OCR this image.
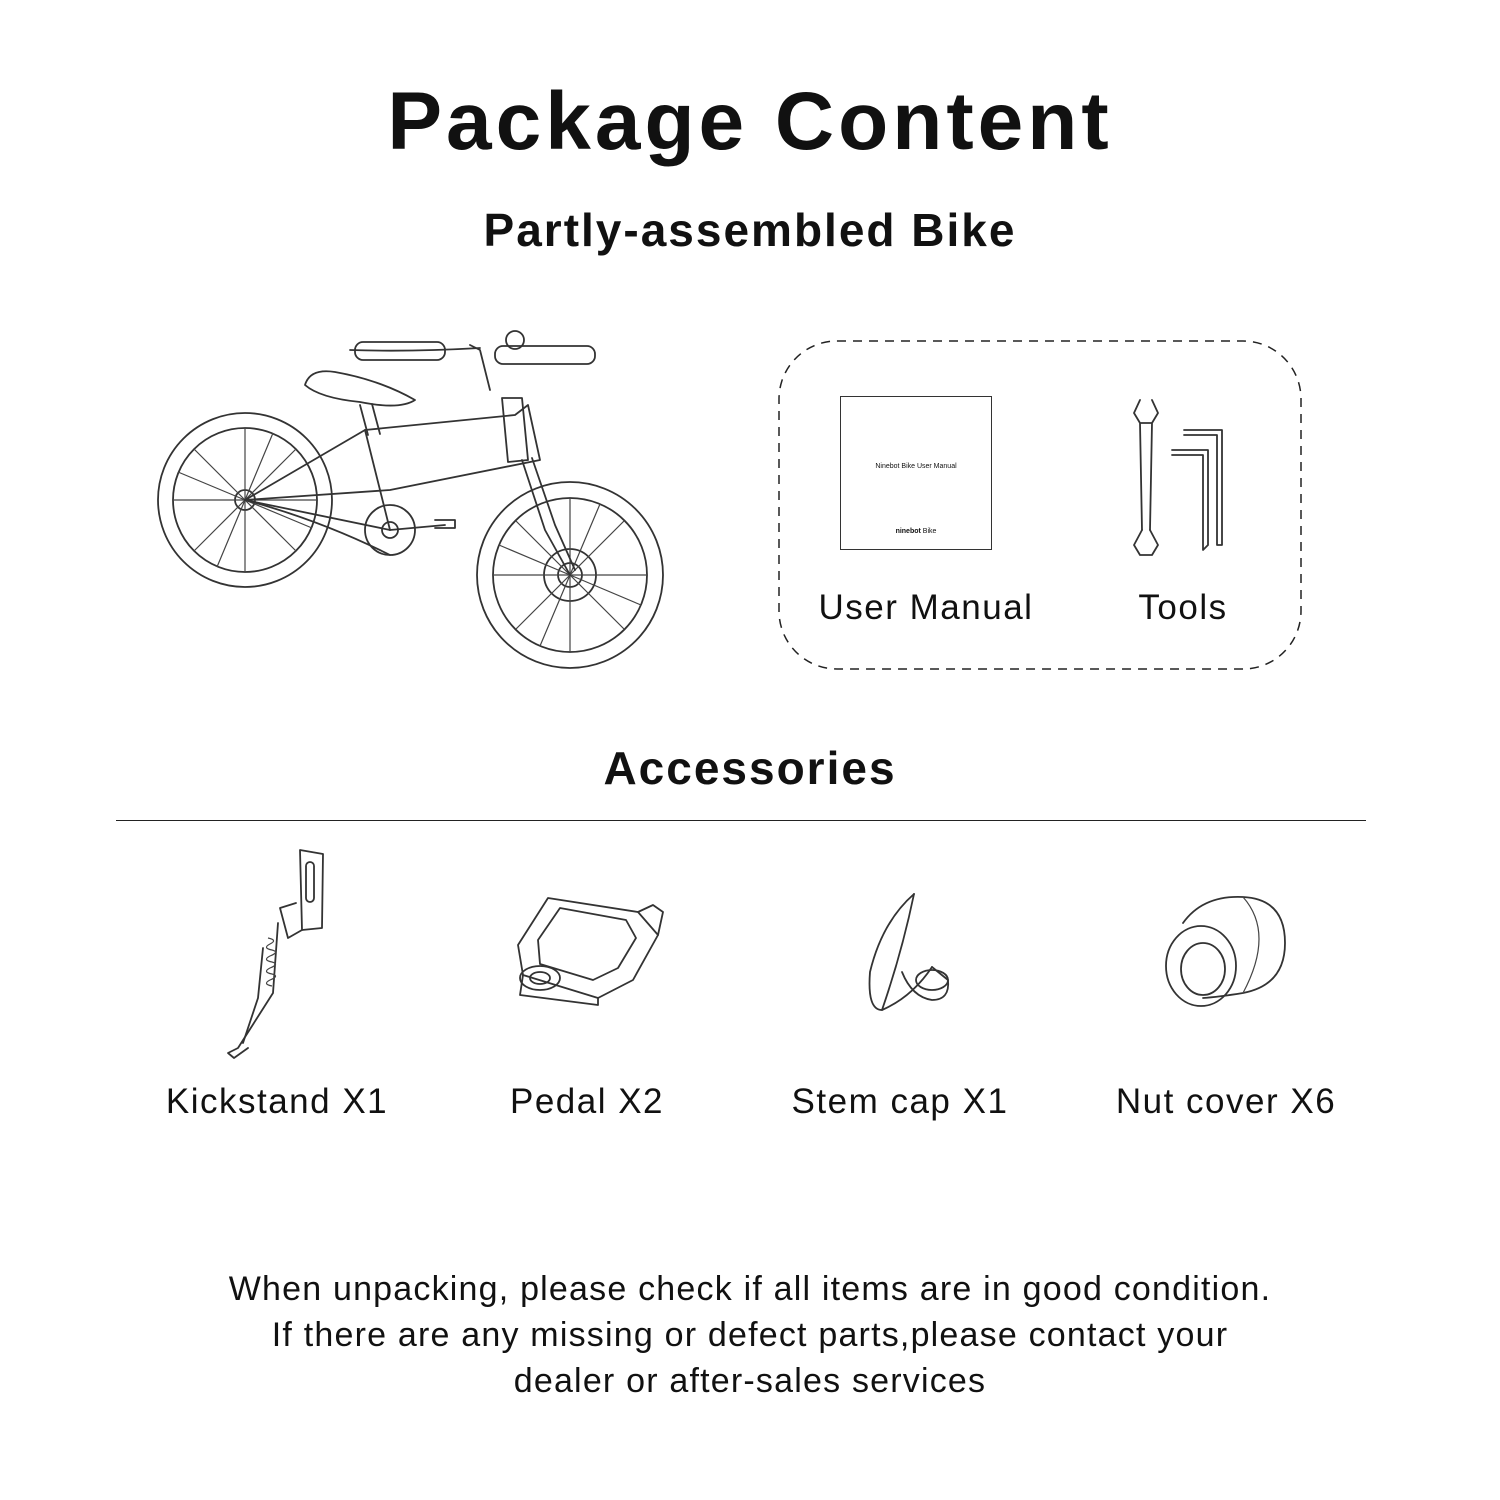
Package Content
Partly-assembled Bike
Ninebot Bike User Manual
ninebot Bike
User Manual	Tools
Accessories
Kickstand X1	Pedal X2	Stem cap X1	Nut cover X6
When unpacking, please check if all items are in good condition.
If there are any missing or defect parts,please contact your
dealer or after-sales services
